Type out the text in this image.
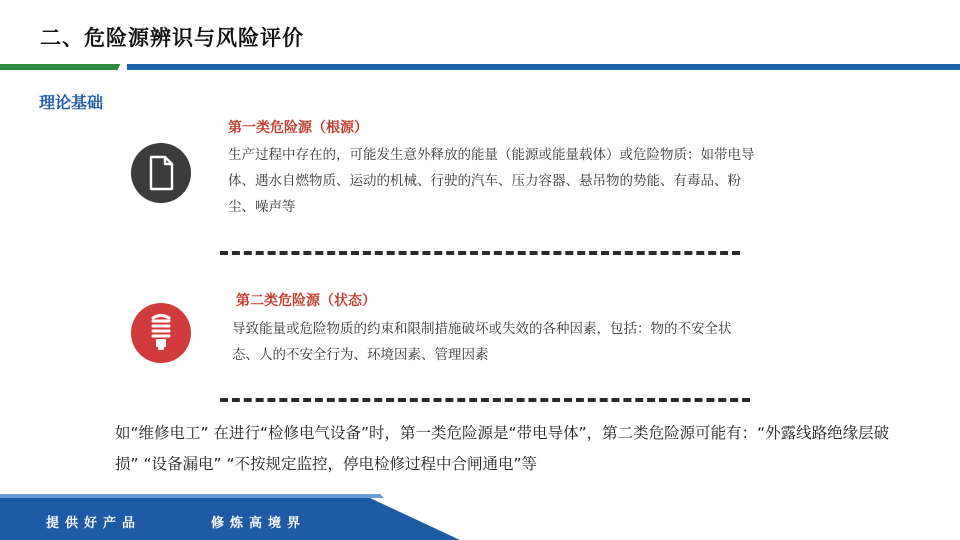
二、危险源辨识与风险评价
理论基础
第一类危险源（根源）
生产过程中存在的，可能发生意外释放的能量（能源或能量载体）或危险物质：如带电导体、遇水自燃物质、运动的机械、行驶的汽车、压力容器、悬吊物的势能、有毒品、粉尘、噪声等
第二类危险源（状态）
导致能量或危险物质的约束和限制措施破坏或失效的各种因素，包括：物的不安全状态、人的不安全行为、环境因素、管理因素
如“维修电工” 在进行“检修电气设备”时，第一类危险源是“带电导体”，第二类危险源可能有：“外露线路绝缘层破损” “设备漏电” “不按规定监控，停电检修过程中合闸通电”等
提供好产品	修炼高境界
